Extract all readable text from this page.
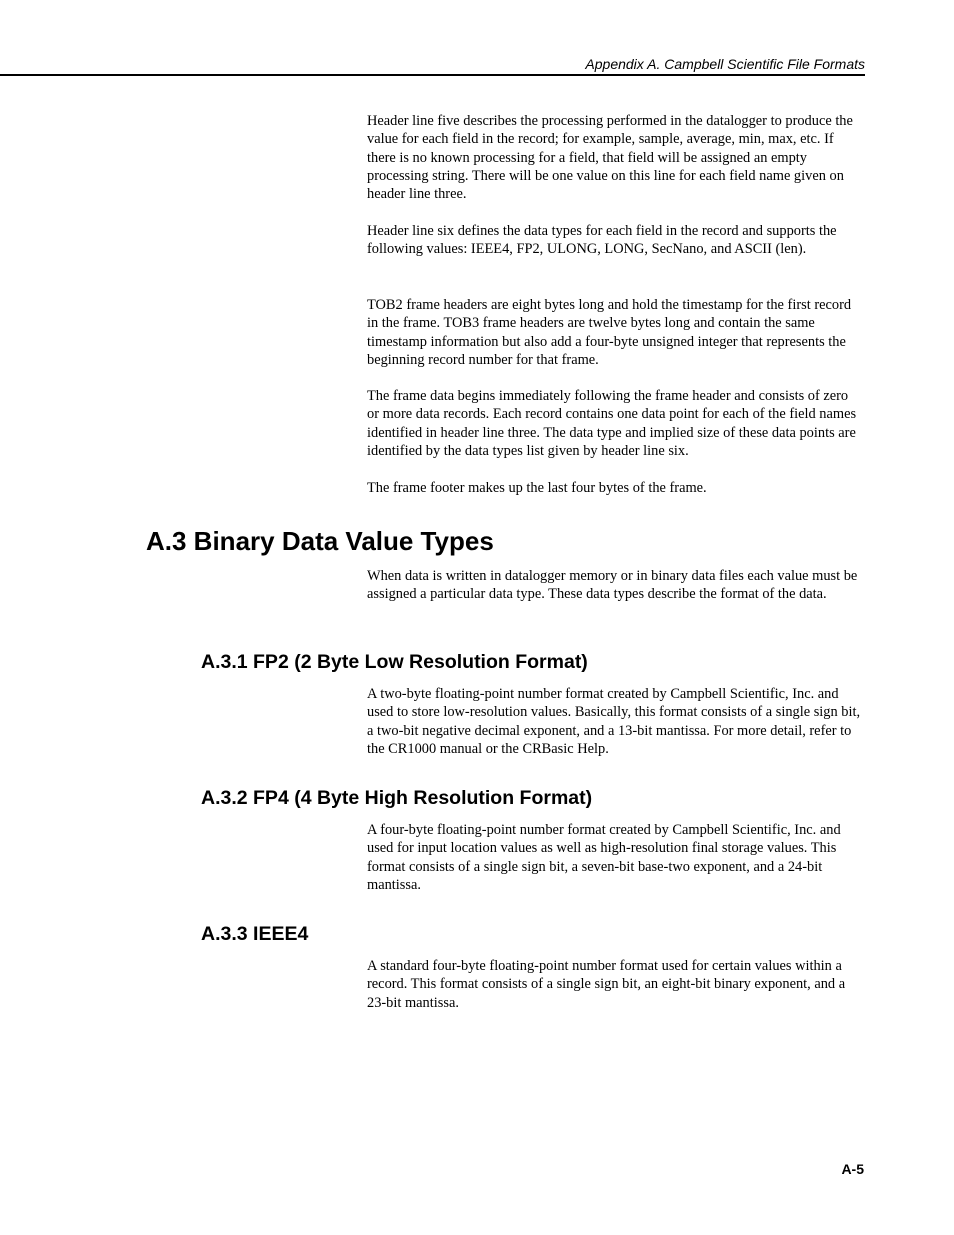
Appendix A. Campbell Scientific File Formats

Header line five describes the processing performed in the datalogger to produce the value for each field in the record; for example, sample, average, min, max, etc. If there is no known processing for a field, that field will be assigned an empty processing string. There will be one value on this line for each field name given on header line three.

Header line six defines the data types for each field in the record and supports the following values: IEEE4, FP2, ULONG, LONG, SecNano, and ASCII (len).

TOB2 frame headers are eight bytes long and hold the timestamp for the first record in the frame. TOB3 frame headers are twelve bytes long and contain the same timestamp information but also add a four-byte unsigned integer that represents the beginning record number for that frame.

The frame data begins immediately following the frame header and consists of zero or more data records. Each record contains one data point for each of the field names identified in header line three. The data type and implied size of these data points are identified by the data types list given by header line six.

The frame footer makes up the last four bytes of the frame.

A.3 Binary Data Value Types

When data is written in datalogger memory or in binary data files each value must be assigned a particular data type. These data types describe the format of the data.

A.3.1 FP2 (2 Byte Low Resolution Format)

A two-byte floating-point number format created by Campbell Scientific, Inc. and used to store low-resolution values. Basically, this format consists of a single sign bit, a two-bit negative decimal exponent, and a 13-bit mantissa. For more detail, refer to the CR1000 manual or the CRBasic Help.

A.3.2 FP4 (4 Byte High Resolution Format)

A four-byte floating-point number format created by Campbell Scientific, Inc. and used for input location values as well as high-resolution final storage values. This format consists of a single sign bit, a seven-bit base-two exponent, and a 24-bit mantissa.

A.3.3 IEEE4

A standard four-byte floating-point number format used for certain values within a record. This format consists of a single sign bit, an eight-bit binary exponent, and a 23-bit mantissa.

A-5
